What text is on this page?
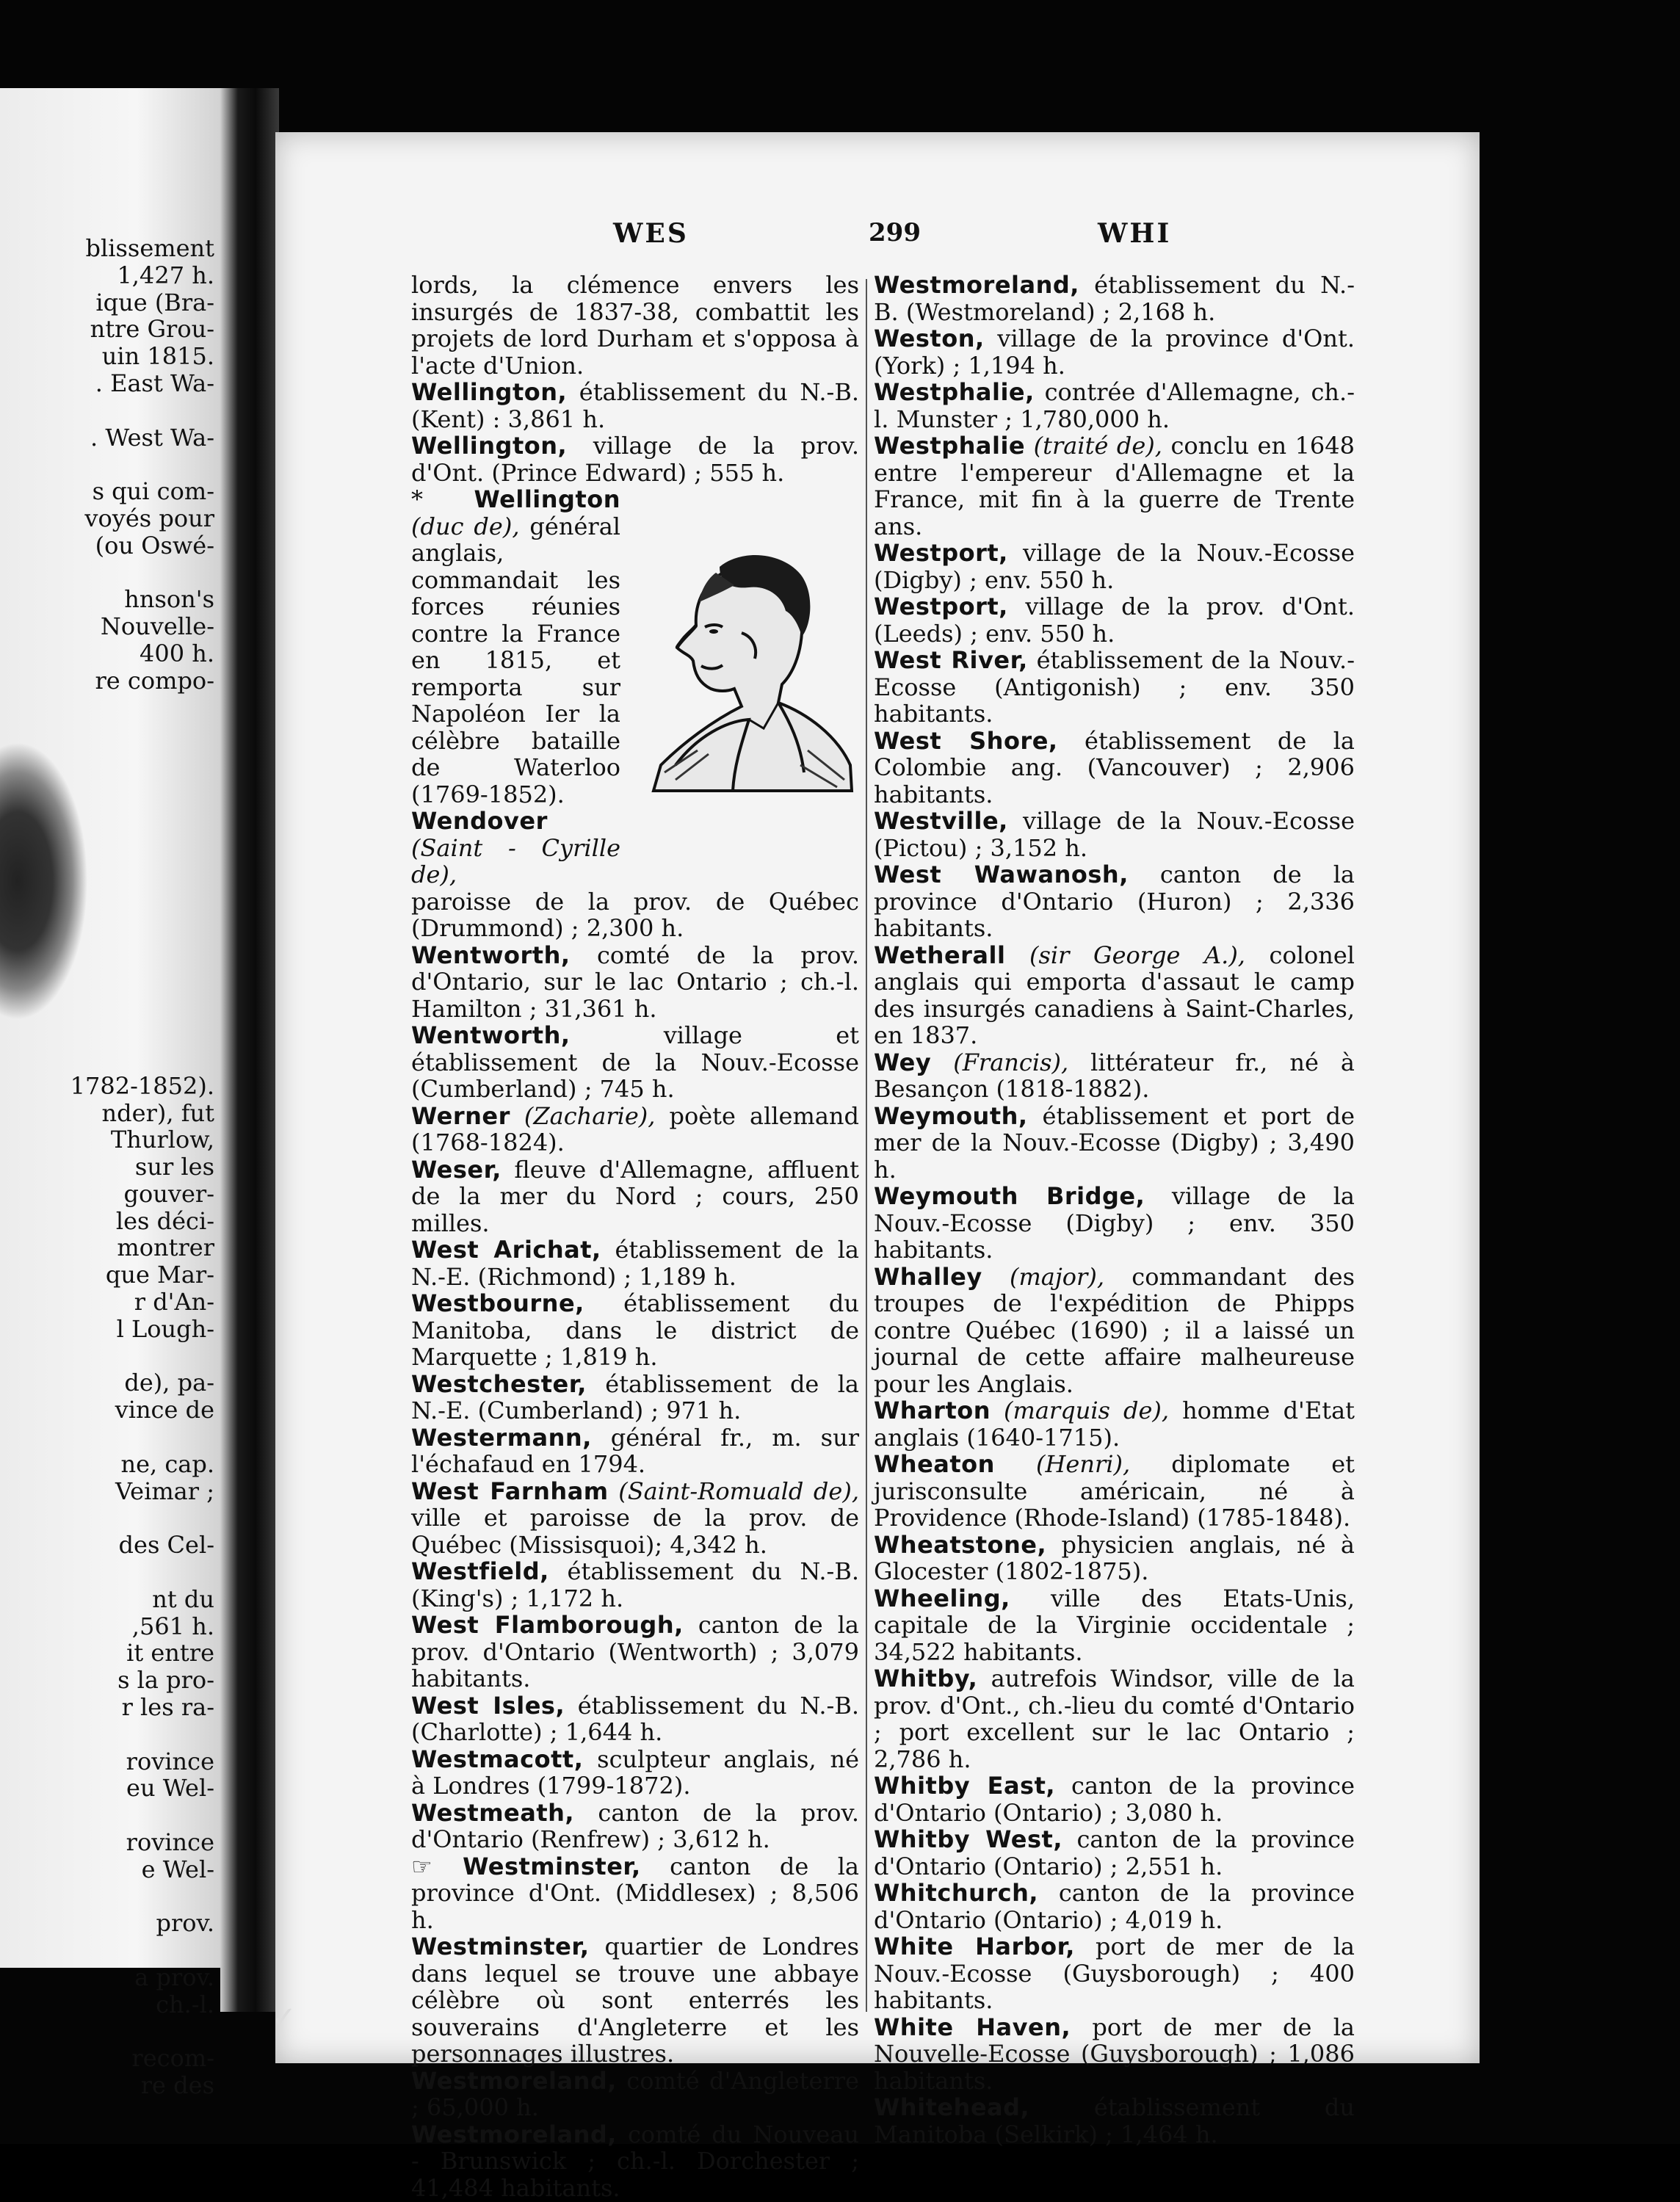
blissement
1,427 h.
ique (Bra-
ntre Grou-
uin 1815.
. East Wa-
. West Wa-
s qui com-
voyés pour
(ou Oswé-
hnson's
Nouvelle-
400 h.
re compo-
1782-1852).
nder), fut
Thurlow,
sur les
gouver-
les déci-
montrer
que Mar-
r d'An-
l Lough-
de), pa-
vince de
ne, cap.
Veimar ;
des Cel-
nt du
,561 h.
it entre
s la pro-
r les ra-
rovince
eu Wel-
rovince
e Wel-
prov.
a prov.
ch.-l.
recom-
re des
WES	299	WHI

lords, la clémence envers les insurgés de 1837-38, combattit les projets de lord Durham et s'opposa à l'acte d'Union.

Wellington, établissement du N.-B. (Kent) : 3,861 h.

Wellington, village de la prov. d'Ont. (Prince Edward) ; 555 h.

* Wellington (duc de), général anglais, commandait les forces réunies contre la France en 1815, et remporta sur Napoléon Ier la célèbre bataille de Waterloo (1769-1852).

Wendover (Saint - Cyrille de),

paroisse de la prov. de Québec (Drummond) ; 2,300 h.

Wentworth, comté de la prov. d'Ontario, sur le lac Ontario ; ch.-l. Hamilton ; 31,361 h.

Wentworth, village et établissement de la Nouv.-Ecosse (Cumberland) ; 745 h.

Werner (Zacharie), poète allemand (1768-1824).

Weser, fleuve d'Allemagne, affluent de la mer du Nord ; cours, 250 milles.

West Arichat, établissement de la N.-E. (Richmond) ; 1,189 h.

Westbourne, établissement du Manitoba, dans le district de Marquette ; 1,819 h.

Westchester, établissement de la N.-E. (Cumberland) ; 971 h.

Westermann, général fr., m. sur l'échafaud en 1794.

West Farnham (Saint-Romuald de), ville et paroisse de la prov. de Québec (Missisquoi); 4,342 h.

Westfield, établissement du N.-B. (King's) ; 1,172 h.

West Flamborough, canton de la prov. d'Ontario (Wentworth) ; 3,079 habitants.

West Isles, établissement du N.-B. (Charlotte) ; 1,644 h.

Westmacott, sculpteur anglais, né à Londres (1799-1872).

Westmeath, canton de la prov. d'Ontario (Renfrew) ; 3,612 h.

☞ Westminster, canton de la province d'Ont. (Middlesex) ; 8,506 h.

Westminster, quartier de Londres dans lequel se trouve une abbaye célèbre où sont enterrés les souverains d'Angleterre et les personnages illustres.

Westmoreland, comté d'Angleterre ; 65,000 h.

Westmoreland, comté du Nouveau - Brunswick ; ch.-l. Dorchester ; 41,484 habitants.

Westmoreland, établissement du N.-B. (Westmoreland) ; 2,168 h.

Weston, village de la province d'Ont. (York) ; 1,194 h.

Westphalie, contrée d'Allemagne, ch.-l. Munster ; 1,780,000 h.

Westphalie (traité de), conclu en 1648 entre l'empereur d'Allemagne et la France, mit fin à la guerre de Trente ans.

Westport, village de la Nouv.-Ecosse (Digby) ; env. 550 h.

Westport, village de la prov. d'Ont. (Leeds) ; env. 550 h.

West River, établissement de la Nouv.-Ecosse (Antigonish) ; env. 350 habitants.

West Shore, établissement de la Colombie ang. (Vancouver) ; 2,906 habitants.

Westville, village de la Nouv.-Ecosse (Pictou) ; 3,152 h.

West Wawanosh, canton de la province d'Ontario (Huron) ; 2,336 habitants.

Wetherall (sir George A.), colonel anglais qui emporta d'assaut le camp des insurgés canadiens à Saint-Charles, en 1837.

Wey (Francis), littérateur fr., né à Besançon (1818-1882).

Weymouth, établissement et port de mer de la Nouv.-Ecosse (Digby) ; 3,490 h.

Weymouth Bridge, village de la Nouv.-Ecosse (Digby) ; env. 350 habitants.

Whalley (major), commandant des troupes de l'expédition de Phipps contre Québec (1690) ; il a laissé un journal de cette affaire malheureuse pour les Anglais.

Wharton (marquis de), homme d'Etat anglais (1640-1715).

Wheaton (Henri), diplomate et jurisconsulte américain, né à Providence (Rhode-Island) (1785-1848).

Wheatstone, physicien anglais, né à Glocester (1802-1875).

Wheeling, ville des Etats-Unis, capitale de la Virginie occidentale ; 34,522 habitants.

Whitby, autrefois Windsor, ville de la prov. d'Ont., ch.-lieu du comté d'Ontario ; port excellent sur le lac Ontario ; 2,786 h.

Whitby East, canton de la province d'Ontario (Ontario) ; 3,080 h.

Whitby West, canton de la province d'Ontario (Ontario) ; 2,551 h.

Whitchurch, canton de la province d'Ontario (Ontario) ; 4,019 h.

White Harbor, port de mer de la Nouv.-Ecosse (Guysborough) ; 400 habitants.

White Haven, port de mer de la Nouvelle-Ecosse (Guysborough) ; 1,086 habitants.

Whitehead, établissement du Manitoba (Selkirk) ; 1,464 h.

✓
